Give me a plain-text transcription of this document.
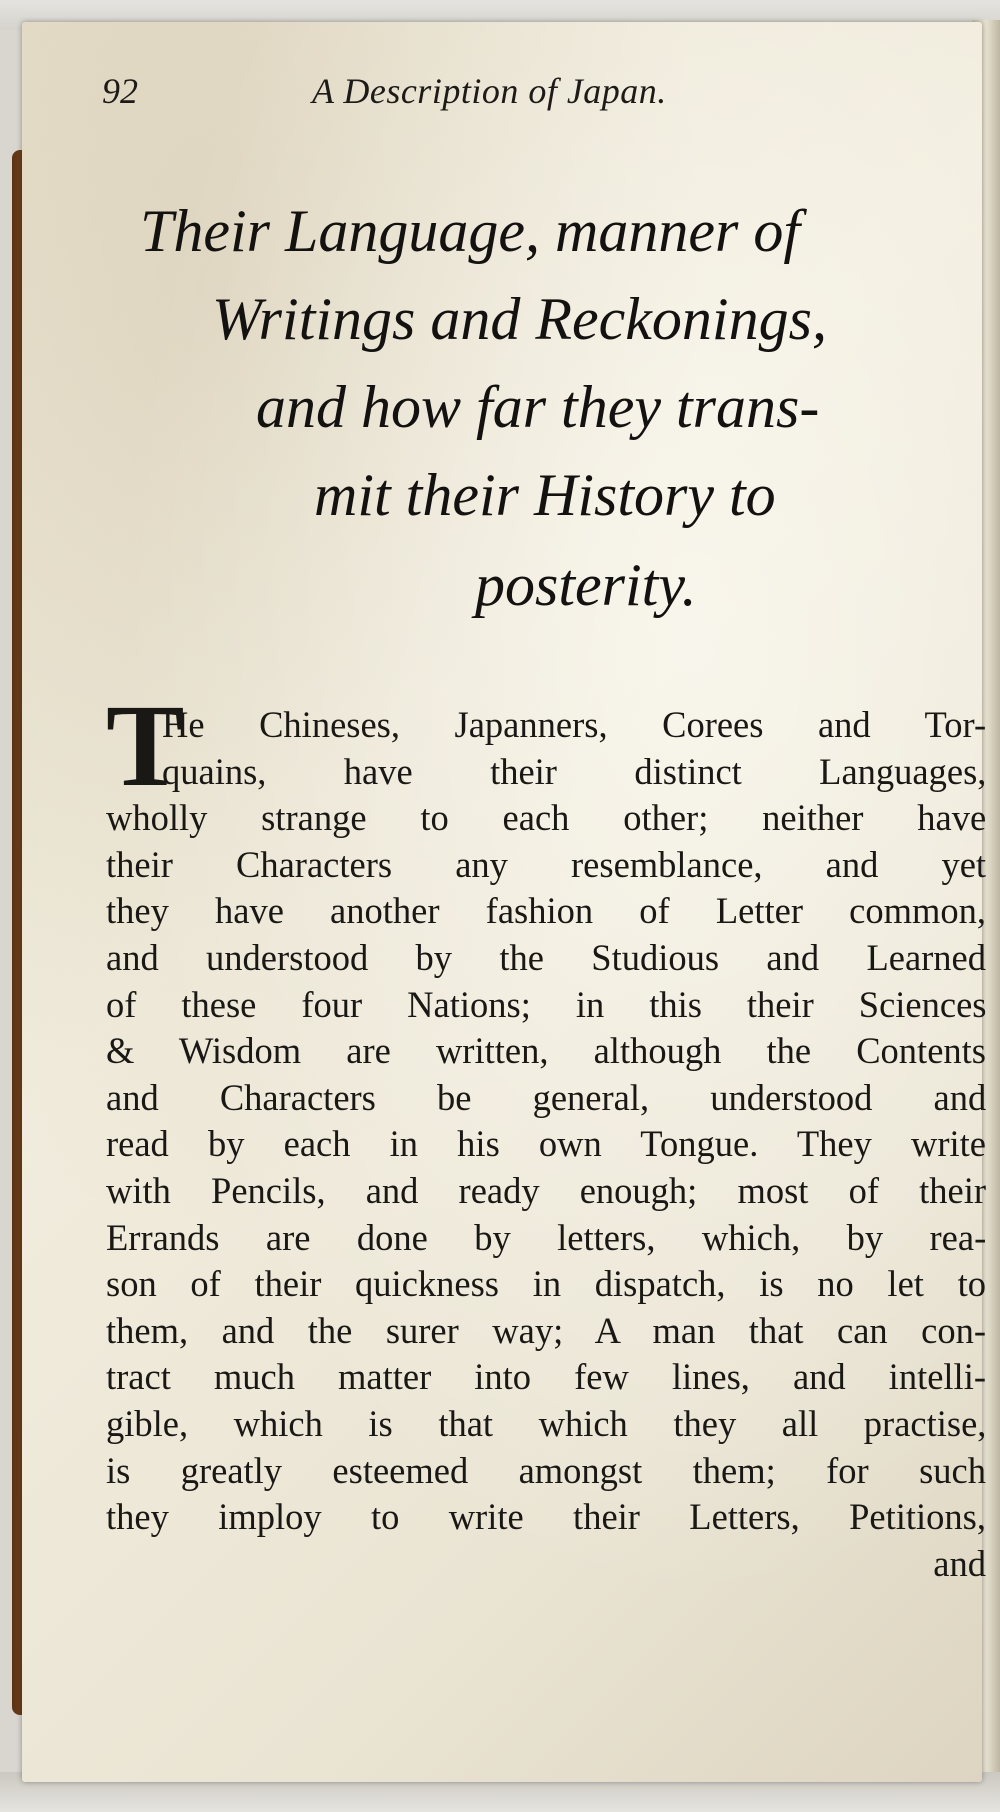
92	A Description of Japan.
Their Language, manner of
Writings and Reckonings,
and how far they trans-
mit their History to
posterity.
T
He Chineses, Japanners, Corees and Tor-
quains, have their distinct Languages,
wholly strange to each other; neither have
their Characters any resemblance, and yet
they have another fashion of Letter common,
and understood by the Studious and Learned
of these four Nations; in this their Sciences
& Wisdom are written, although the Contents
and Characters be general, understood and
read by each in his own Tongue. They write
with Pencils, and ready enough; most of their
Errands are done by letters, which, by rea-
son of their quickness in dispatch, is no let to
them, and the surer way; A man that can con-
tract much matter into few lines, and intelli-
gible, which is that which they all practise,
is greatly esteemed amongst them; for such
they imploy to write their Letters, Petitions,
and
